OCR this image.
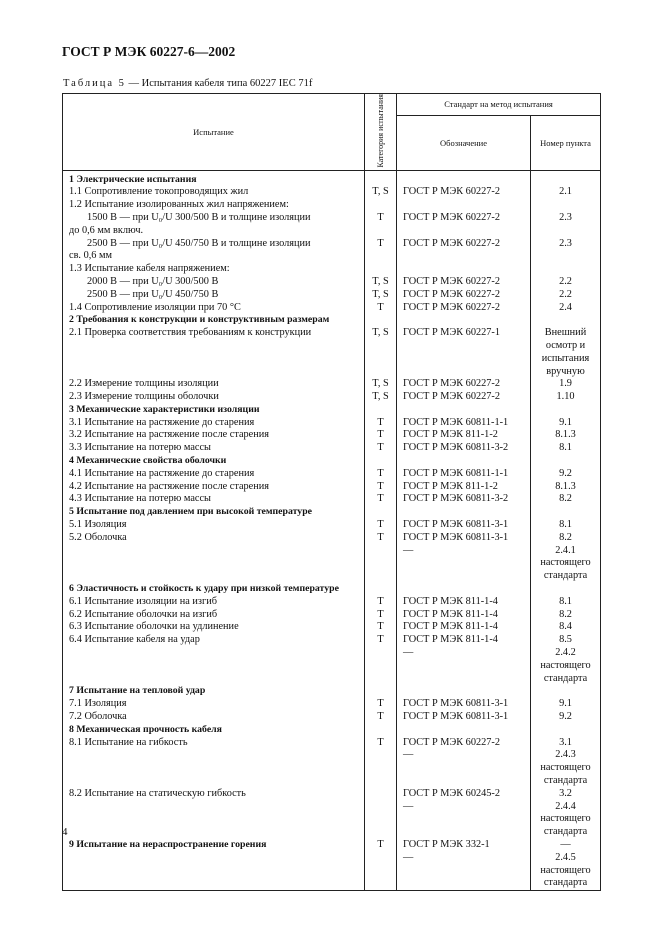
ГОСТ Р МЭК 60227-6—2002
Таблица 5 — Испытания кабеля типа 60227 IEC 71f
Испытание	Категория испытания	Стандарт на метод испытания	
		Обозначение	Номер пункта

1 Электрические испытания			

1.1 Сопротивление токопроводящих жил	T, S	ГОСТ Р МЭК 60227-2	2.1

1.2 Испытание изолированных жил напряжением:			

1500 В — при U₀/U 300/500 В и толщине изоляции
до 0,6 мм включ.	T	ГОСТ Р МЭК 60227-2	2.3

2500 В — при U₀/U 450/750 В и толщине изоляции
св. 0,6 мм	T	ГОСТ Р МЭК 60227-2	2.3

1.3 Испытание кабеля напряжением:			

2000 В — при U₀/U 300/500 В	T, S	ГОСТ Р МЭК 60227-2	2.2

2500 В — при U₀/U 450/750 В	T, S	ГОСТ Р МЭК 60227-2	2.2

1.4 Сопротивление изоляции при 70 °С	T	ГОСТ Р МЭК 60227-2	2.4

2 Требования к конструкции и конструктивным размерам			

2.1 Проверка соответствия требованиям к конструкции	T, S	ГОСТ Р МЭК 60227-1	Внешний осмотр и испытания вручную

2.2 Измерение толщины изоляции	T, S	ГОСТ Р МЭК 60227-2	1.9

2.3 Измерение толщины оболочки	T, S	ГОСТ Р МЭК 60227-2	1.10

3 Механические характеристики изоляции			

3.1 Испытание на растяжение до старения	T	ГОСТ Р МЭК 60811-1-1	9.1

3.2 Испытание на растяжение после старения	T	ГОСТ Р МЭК 811-1-2	8.1.3

3.3 Испытание на потерю массы	T	ГОСТ Р МЭК 60811-3-2	8.1

4 Механические свойства оболочки			

4.1 Испытание на растяжение до старения	T	ГОСТ Р МЭК 60811-1-1	9.2

4.2 Испытание на растяжение после старения	T	ГОСТ Р МЭК 811-1-2	8.1.3

4.3 Испытание на потерю массы	T	ГОСТ Р МЭК 60811-3-2	8.2

5 Испытание под давлением при высокой температуре			

5.1 Изоляция	T	ГОСТ Р МЭК 60811-3-1	8.1

5.2 Оболочка	T	ГОСТ Р МЭК 60811-3-1	8.2

		—	2.4.1 настоящего стандарта

6 Эластичность и стойкость к удару при низкой температуре			

6.1 Испытание изоляции на изгиб	T	ГОСТ Р МЭК 811-1-4	8.1

6.2 Испытание оболочки на изгиб	T	ГОСТ Р МЭК 811-1-4	8.2

6.3 Испытание оболочки на удлинение	T	ГОСТ Р МЭК 811-1-4	8.4

6.4 Испытание кабеля на удар	T	ГОСТ Р МЭК 811-1-4	8.5

		—	2.4.2 настоящего стандарта

7 Испытание на тепловой удар			

7.1 Изоляция	T	ГОСТ Р МЭК 60811-3-1	9.1

7.2 Оболочка	T	ГОСТ Р МЭК 60811-3-1	9.2

8 Механическая прочность кабеля			

8.1 Испытание на гибкость	T	ГОСТ Р МЭК 60227-2	3.1

		—	2.4.3 настоящего стандарта

8.2 Испытание на статическую гибкость		ГОСТ Р МЭК 60245-2	3.2

		—	2.4.4 настоящего стандарта

9 Испытание на нераспространение горения	T	ГОСТ Р МЭК 332-1	—

		—	2.4.5 настоящего стандарта
4
